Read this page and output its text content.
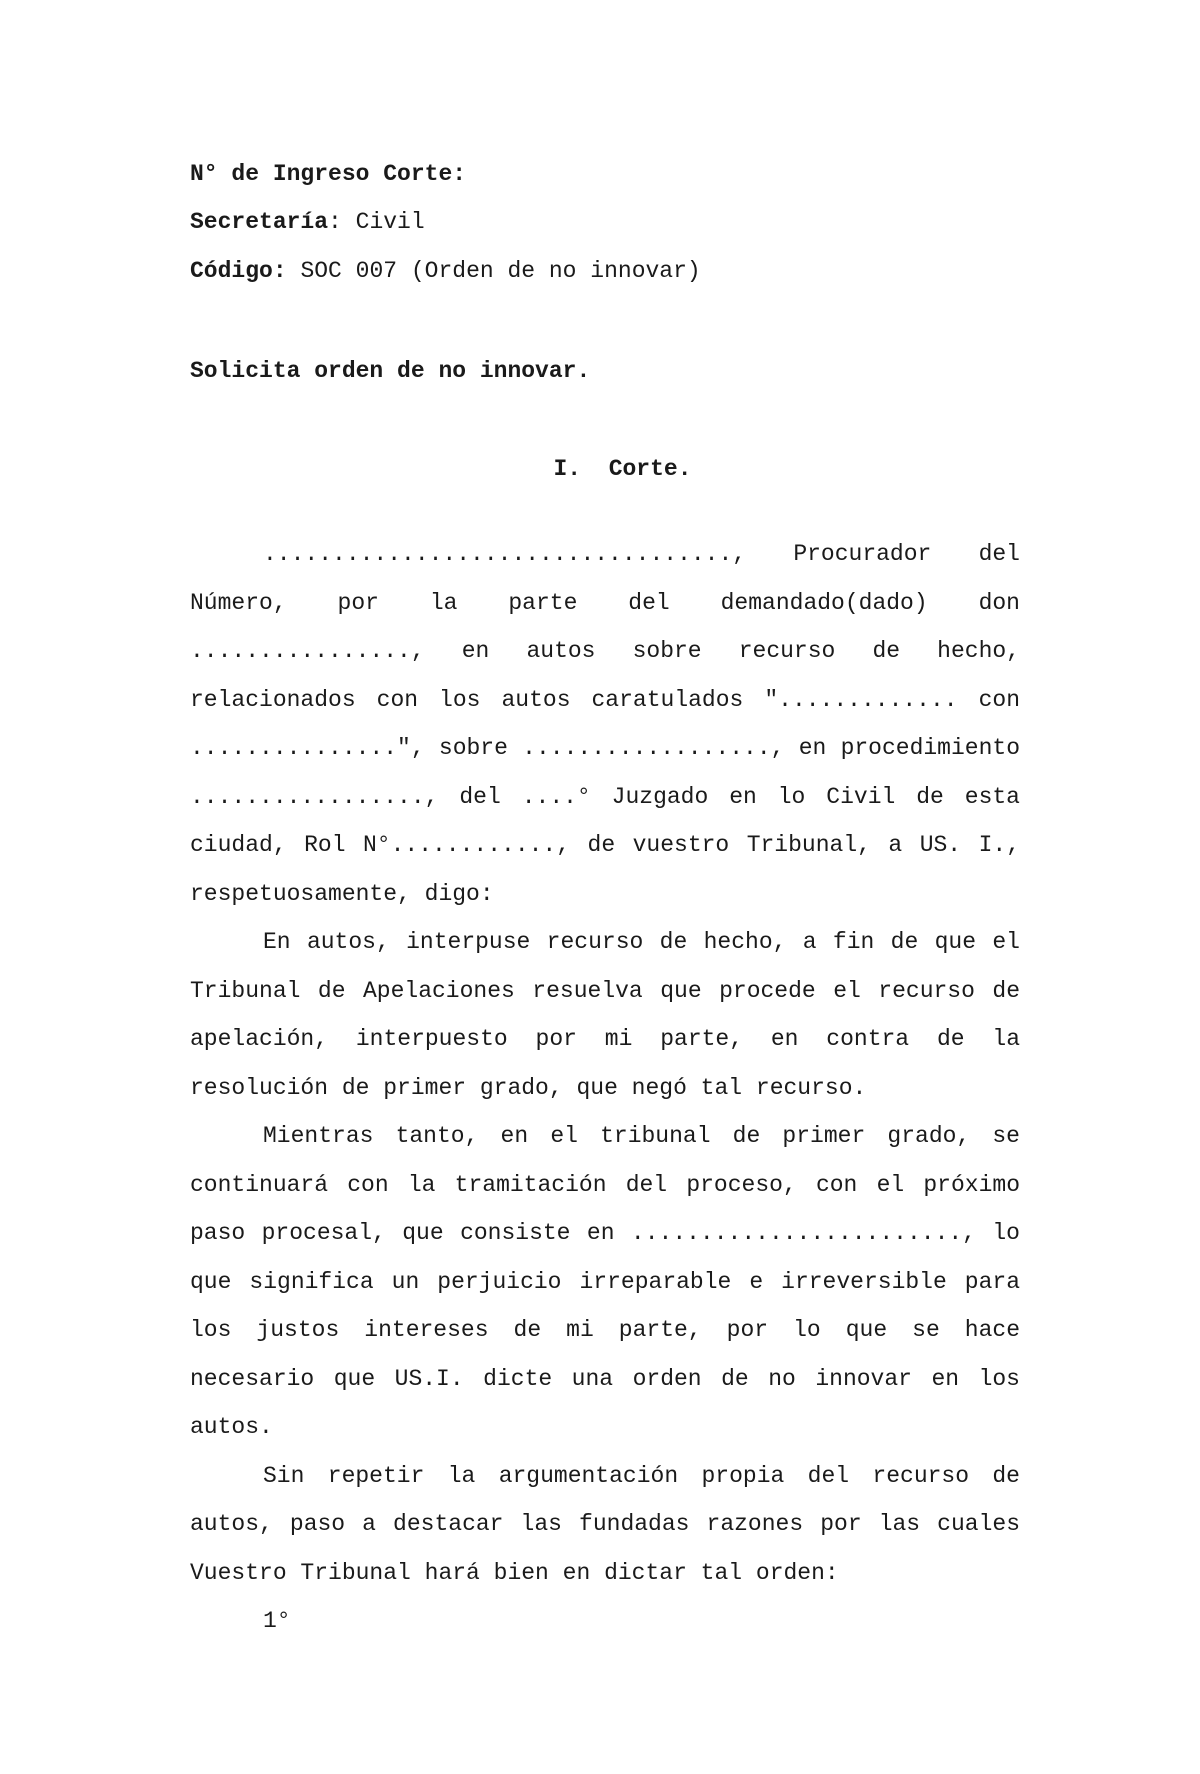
N° de Ingreso Corte:
Secretaría: Civil
Código: SOC 007 (Orden de no innovar)
Solicita orden de no innovar.
I.  Corte.

.................................., Procurador del Número, por la parte del demandado(dado) don ................, en autos sobre recurso de hecho, relacionados con los autos caratulados "............. con ...............", sobre .................., en procedimiento ................., del ....° Juzgado en lo Civil de esta ciudad, Rol N°............, de vuestro Tribunal, a US. I., respetuosamente, digo:

En autos, interpuse recurso de hecho, a fin de que el Tribunal de Apelaciones resuelva que procede el recurso de apelación, interpuesto por mi parte, en contra de la resolución de primer grado, que negó tal recurso.

Mientras tanto, en el tribunal de primer grado, se continuará con la tramitación del proceso, con el próximo paso procesal, que consiste en ........................, lo que significa un perjuicio irreparable e irreversible para los justos intereses de mi parte, por lo que se hace necesario que US.I. dicte una orden de no innovar en los autos.

Sin repetir la argumentación propia del recurso de autos, paso a destacar las fundadas razones por las cuales Vuestro Tribunal hará bien en dictar tal orden:

1°
